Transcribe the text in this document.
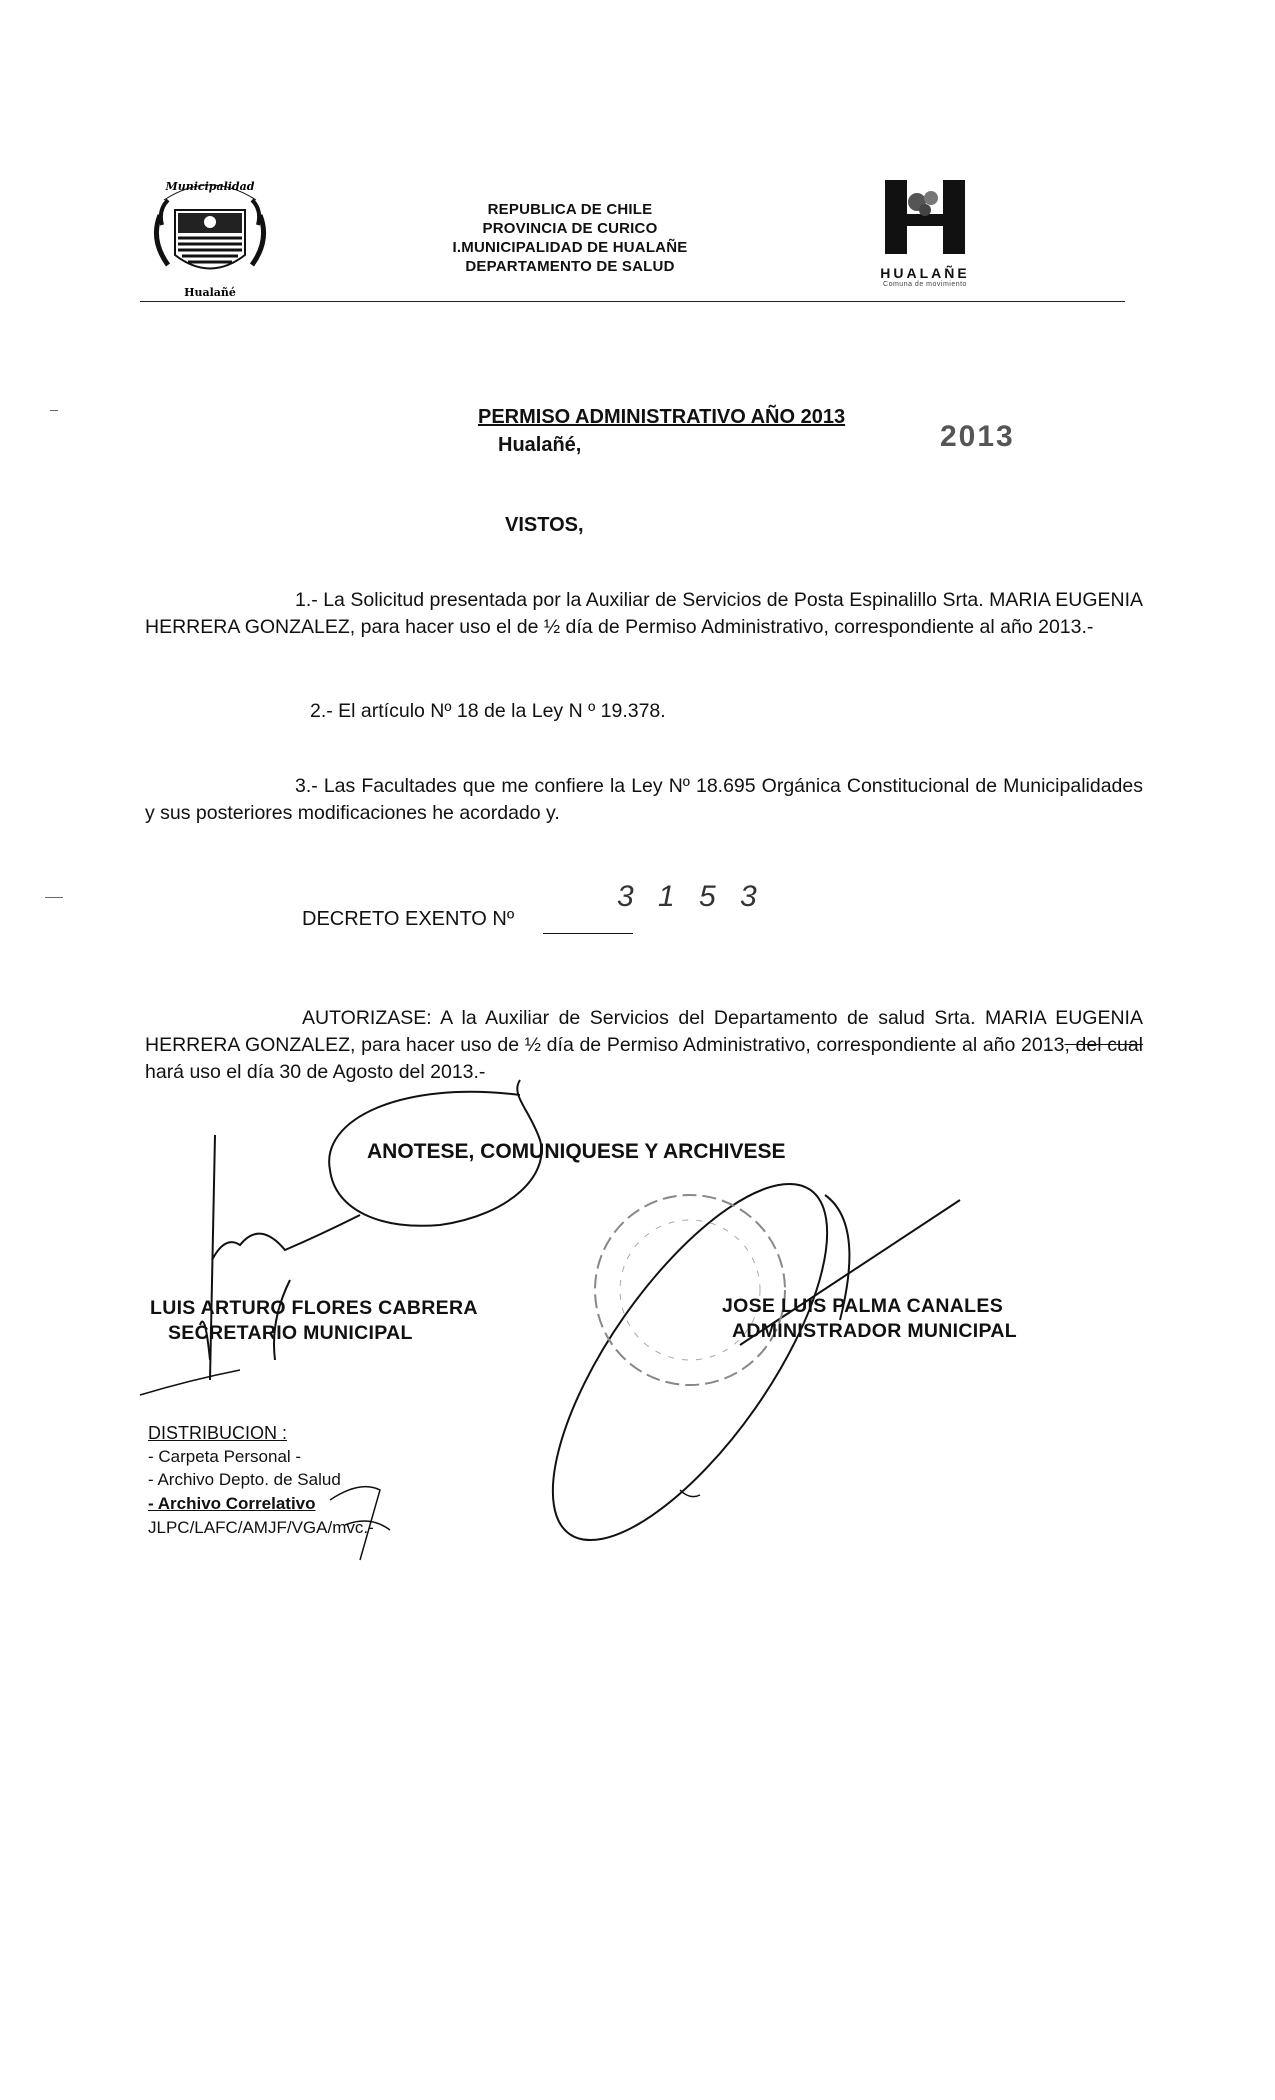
Municipalidad
Hualañé
REPUBLICA DE CHILE
PROVINCIA DE CURICO
I.MUNICIPALIDAD DE HUALAÑE
DEPARTAMENTO DE SALUD	HUALAÑE
Comuna de movimiento
PERMISO ADMINISTRATIVO AÑO 2013
Hualañé,	2013
VISTOS,
1.- La Solicitud presentada por la Auxiliar de Servicios de Posta Espinalillo Srta. MARIA EUGENIA HERRERA GONZALEZ, para hacer uso el de ½ día de Permiso Administrativo, correspondiente al año 2013.-
2.- El artículo Nº 18 de la Ley N º 19.378.
3.- Las Facultades que me confiere la Ley Nº 18.695 Orgánica Constitucional de Municipalidades y sus posteriores modificaciones he acordado y.
DECRETO EXENTO Nº
3 1 5 3
AUTORIZASE: A la Auxiliar de Servicios del Departamento de salud Srta. MARIA EUGENIA HERRERA GONZALEZ, para hacer uso de ½ día de Permiso Administrativo, correspondiente al año 2013, del cual hará uso el día 30 de Agosto del 2013.-
ANOTESE, COMUNIQUESE Y ARCHIVESE
LUIS ARTURO FLORES CABRERA
SECRETARIO MUNICIPAL
JOSE LUIS PALMA CANALES
ADMINISTRADOR MUNICIPAL
DISTRIBUCION :
- Carpeta Personal -
- Archivo Depto. de Salud
- Archivo Correlativo
JLPC/LAFC/AMJF/VGA/mvc.-
